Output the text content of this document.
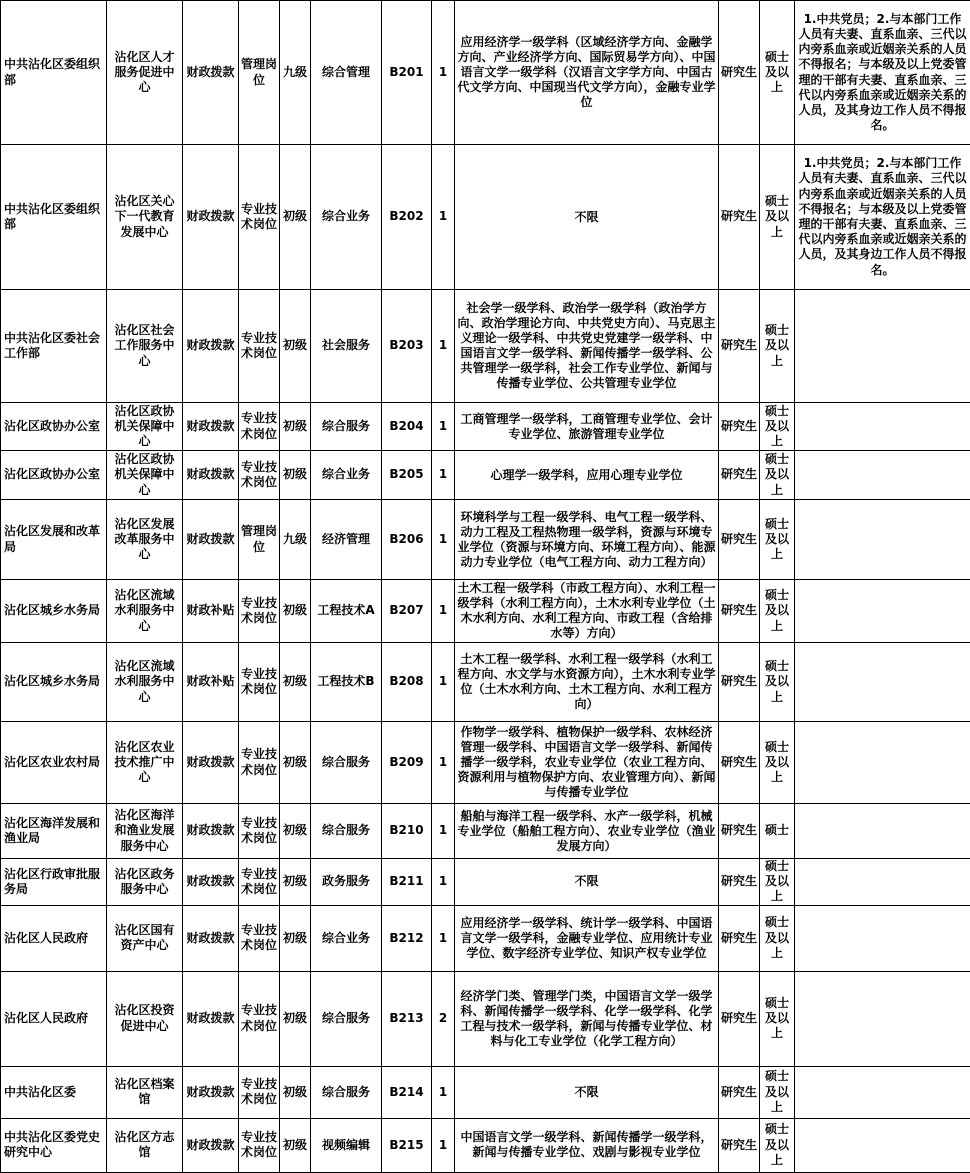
中共沾化区委组织部	沾化区人才服务促进中心	财政拨款	管理岗位	九级	综合管理	B201	1	应用经济学一级学科（区域经济学方向、金融学方向、产业经济学方向、国际贸易学方向）、中国语言文学一级学科（汉语言文字学方向、中国古代文学方向、中国现当代文学方向），金融专业学位	研究生	硕士及以上	1.中共党员；2.与本部门工作人员有夫妻、直系血亲、三代以内旁系血亲或近姻亲关系的人员不得报名；与本级及以上党委管理的干部有夫妻、直系血亲、三代以内旁系血亲或近姻亲关系的人员，及其身边工作人员不得报名。
中共沾化区委组织部	沾化区关心下一代教育发展中心	财政拨款	专业技术岗位	初级	综合业务	B202	1	不限	研究生	硕士及以上	1.中共党员；2.与本部门工作人员有夫妻、直系血亲、三代以内旁系血亲或近姻亲关系的人员不得报名；与本级及以上党委管理的干部有夫妻、直系血亲、三代以内旁系血亲或近姻亲关系的人员，及其身边工作人员不得报名。
中共沾化区委社会工作部	沾化区社会工作服务中心	财政拨款	专业技术岗位	初级	社会服务	B203	1	社会学一级学科、政治学一级学科（政治学方向、政治学理论方向、中共党史方向）、马克思主义理论一级学科、中共党史党建学一级学科、中国语言文学一级学科、新闻传播学一级学科、公共管理学一级学科，社会工作专业学位、新闻与传播专业学位、公共管理专业学位	研究生	硕士及以上	
沾化区政协办公室	沾化区政协机关保障中心	财政拨款	专业技术岗位	初级	综合服务	B204	1	工商管理学一级学科，工商管理专业学位、会计专业学位、旅游管理专业学位	研究生	硕士及以上	
沾化区政协办公室	沾化区政协机关保障中心	财政拨款	专业技术岗位	初级	综合业务	B205	1	心理学一级学科，应用心理专业学位	研究生	硕士及以上	
沾化区发展和改革局	沾化区发展改革服务中心	财政拨款	管理岗位	九级	经济管理	B206	1	环境科学与工程一级学科、电气工程一级学科、动力工程及工程热物理一级学科，资源与环境专业学位（资源与环境方向、环境工程方向）、能源动力专业学位（电气工程方向、动力工程方向）	研究生	硕士及以上	
沾化区城乡水务局	沾化区流域水利服务中心	财政补贴	专业技术岗位	初级	工程技术A	B207	1	土木工程一级学科（市政工程方向）、水利工程一级学科（水利工程方向），土木水利专业学位（土木水利方向、水利工程方向、市政工程（含给排水等）方向）	研究生	硕士及以上	
沾化区城乡水务局	沾化区流域水利服务中心	财政补贴	专业技术岗位	初级	工程技术B	B208	1	土木工程一级学科、水利工程一级学科（水利工程方向、水文学与水资源方向），土木水利专业学位（土木水利方向、土木工程方向、水利工程方向）	研究生	硕士及以上	
沾化区农业农村局	沾化区农业技术推广中心	财政拨款	专业技术岗位	初级	综合服务	B209	1	作物学一级学科、植物保护一级学科、农林经济管理一级学科、中国语言文学一级学科、新闻传播学一级学科，农业专业学位（农业工程方向、资源利用与植物保护方向、农业管理方向）、新闻与传播专业学位	研究生	硕士及以上	
沾化区海洋发展和渔业局	沾化区海洋和渔业发展服务中心	财政拨款	专业技术岗位	初级	综合服务	B210	1	船舶与海洋工程一级学科、水产一级学科，机械专业学位（船舶工程方向）、农业专业学位（渔业发展方向）	研究生	硕士	
沾化区行政审批服务局	沾化区政务服务中心	财政拨款	专业技术岗位	初级	政务服务	B211	1	不限	研究生	硕士及以上	
沾化区人民政府	沾化区国有资产中心	财政拨款	专业技术岗位	初级	综合业务	B212	1	应用经济学一级学科、统计学一级学科、中国语言文学一级学科，金融专业学位、应用统计专业学位、数字经济专业学位、知识产权专业学位	研究生	硕士及以上	
沾化区人民政府	沾化区投资促进中心	财政拨款	专业技术岗位	初级	综合服务	B213	2	经济学门类、管理学门类，中国语言文学一级学科、新闻传播学一级学科、化学一级学科、化学工程与技术一级学科，新闻与传播专业学位、材料与化工专业学位（化学工程方向）	研究生	硕士及以上	
中共沾化区委	沾化区档案馆	财政拨款	专业技术岗位	初级	综合服务	B214	1	不限	研究生	硕士及以上	
中共沾化区委党史研究中心	沾化区方志馆	财政拨款	专业技术岗位	初级	视频编辑	B215	1	中国语言文学一级学科、新闻传播学一级学科，新闻与传播专业学位、戏剧与影视专业学位	研究生	硕士及以上	
